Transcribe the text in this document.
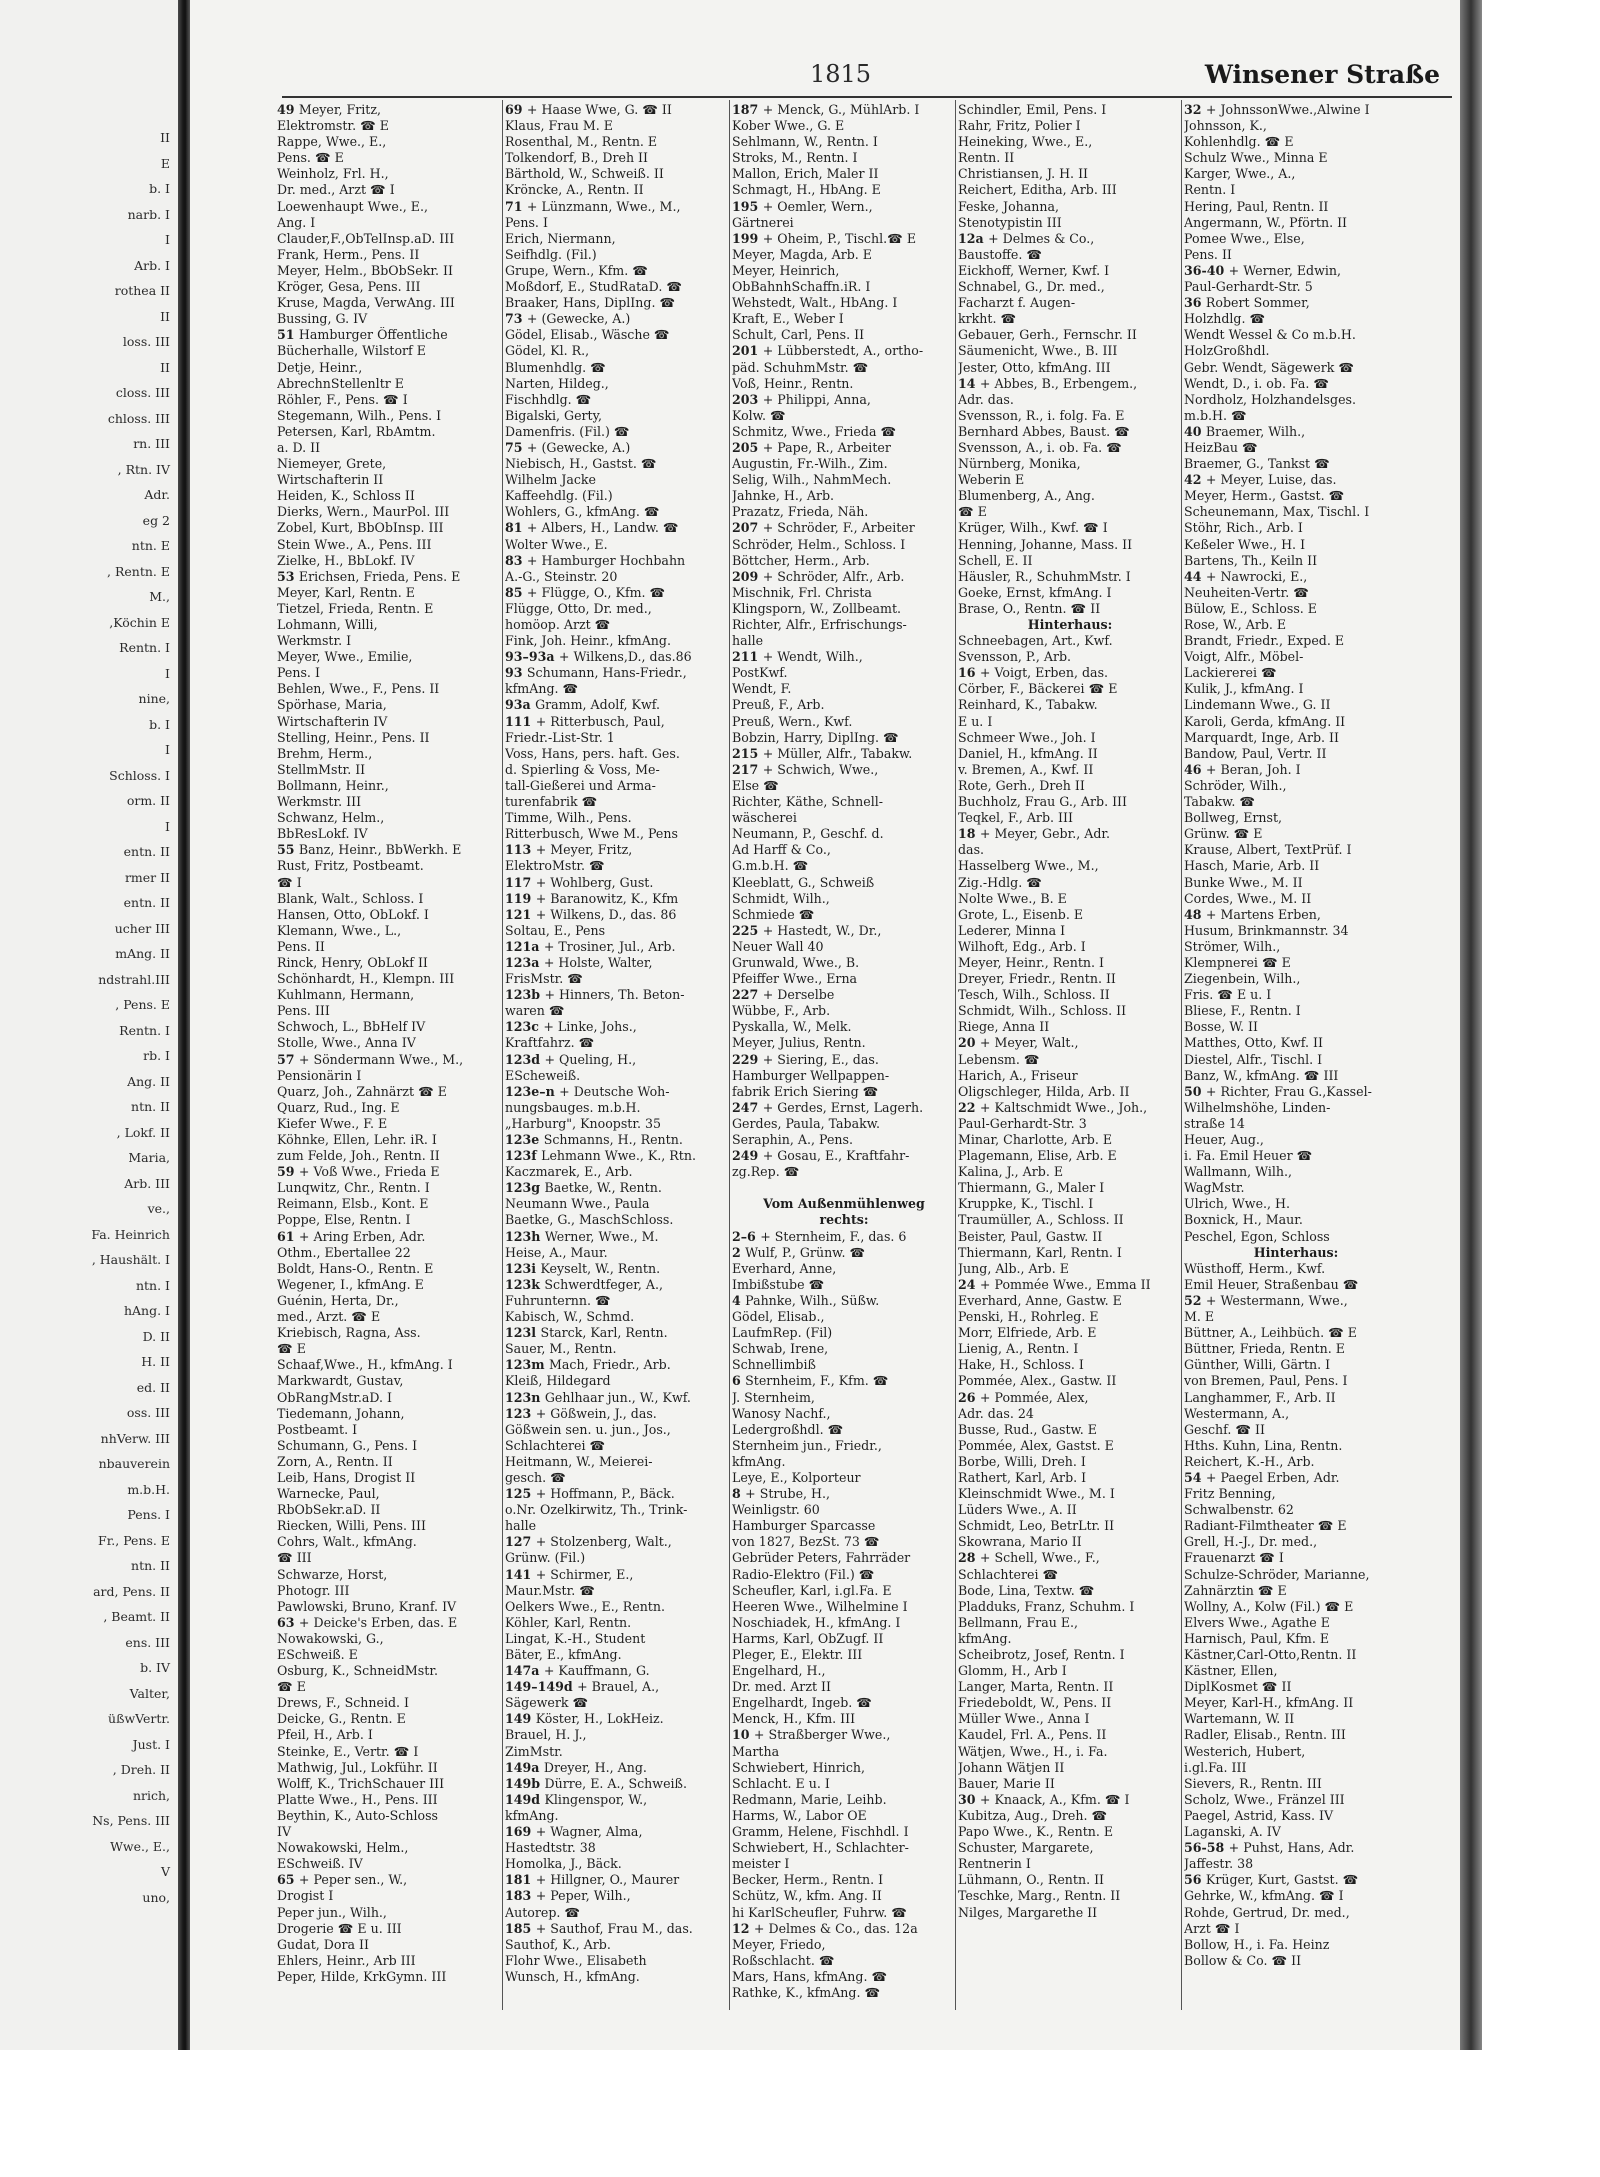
II
E
b. I
narb. I
I
Arb. I
rothea II
II
loss. III
II
closs. III
chloss. III
rn. III
, Rtn. IV
Adr.
eg 2
ntn. E
, Rentn. E
M.,
,Köchin E
Rentn. I
I
nine,
b. I
I
Schloss. I
orm. II
I
entn. II
rmer II
entn. II
ucher III
mAng. II
ndstrahl.III
, Pens. E
Rentn. I
rb. I
Ang. II
ntn. II
, Lokf. II
Maria,
Arb. III
ve.,
Fa. Heinrich
, Haushält. I
ntn. I
hAng. I
D. II
H. II
ed. II
oss. III
nhVerw. III
nbauverein
m.b.H.
Pens. I
Fr., Pens. E
ntn. II
ard, Pens. II
, Beamt. II
ens. III
b. IV
Valter,
üßwVertr.
Just. I
, Dreh. II
nrich,
Ns, Pens. III
Wwe., E.,
V
uno,
1815	Winsener Straße
49 Meyer, Fritz,
Elektromstr. ☎ E
Rappe, Wwe., E.,
Pens. ☎ E
Weinholz, Frl. H.,
Dr. med., Arzt ☎ I
Loewenhaupt Wwe., E.,
Ang. I
Clauder,F.,ObTelInsp.aD. III
Frank, Herm., Pens. II
Meyer, Helm., BbObSekr. II
Kröger, Gesa, Pens. III
Kruse, Magda, VerwAng. III
Bussing, G. IV
51 Hamburger Öffentliche
Bücherhalle, Wilstorf E
Detje, Heinr.,
AbrechnStellenltr E
Röhler, F., Pens. ☎ I
Stegemann, Wilh., Pens. I
Petersen, Karl, RbAmtm.
a. D. II
Niemeyer, Grete,
Wirtschafterin II
Heiden, K., Schloss II
Dierks, Wern., MaurPol. III
Zobel, Kurt, BbObInsp. III
Stein Wwe., A., Pens. III
Zielke, H., BbLokf. IV
53 Erichsen, Frieda, Pens. E
Meyer, Karl, Rentn. E
Tietzel, Frieda, Rentn. E
Lohmann, Willi,
Werkmstr. I
Meyer, Wwe., Emilie,
Pens. I
Behlen, Wwe., F., Pens. II
Spörhase, Maria,
Wirtschafterin IV
Stelling, Heinr., Pens. II
Brehm, Herm.,
StellmMstr. II
Bollmann, Heinr.,
Werkmstr. III
Schwanz, Helm.,
BbResLokf. IV
55 Banz, Heinr., BbWerkh. E
Rust, Fritz, Postbeamt.
☎ I
Blank, Walt., Schloss. I
Hansen, Otto, ObLokf. I
Klemann, Wwe., L.,
Pens. II
Rinck, Henry, ObLokf II
Schönhardt, H., Klempn. III
Kuhlmann, Hermann,
Pens. III
Schwoch, L., BbHelf IV
Stolle, Wwe., Anna IV
57 + Söndermann Wwe., M.,
Pensionärin I
Quarz, Joh., Zahnärzt ☎ E
Quarz, Rud., Ing. E
Kiefer Wwe., F. E
Köhnke, Ellen, Lehr. iR. I
zum Felde, Joh., Rentn. II
59 + Voß Wwe., Frieda E
Lunqwitz, Chr., Rentn. I
Reimann, Elsb., Kont. E
Poppe, Else, Rentn. I
61 + Aring Erben, Adr.
Othm., Ebertallee 22
Boldt, Hans-O., Rentn. E
Wegener, I., kfmAng. E
Guénin, Herta, Dr.,
med., Arzt. ☎ E
Kriebisch, Ragna, Ass.
☎ E
Schaaf,Wwe., H., kfmAng. I
Markwardt, Gustav,
ObRangMstr.aD. I
Tiedemann, Johann,
Postbeamt. I
Schumann, G., Pens. I
Zorn, A., Rentn. II
Leib, Hans, Drogist II
Warnecke, Paul,
RbObSekr.aD. II
Riecken, Willi, Pens. III
Cohrs, Walt., kfmAng.
☎ III
Schwarze, Horst,
Photogr. III
Pawlowski, Bruno, Kranf. IV
63 + Deicke's Erben, das. E
Nowakowski, G.,
ESchweiß. E
Osburg, K., SchneidMstr.
☎ E
Drews, F., Schneid. I
Deicke, G., Rentn. E
Pfeil, H., Arb. I
Steinke, E., Vertr. ☎ I
Mathwig, Jul., Lokführ. II
Wolff, K., TrichSchauer III
Platte Wwe., H., Pens. III
Beythin, K., Auto-Schloss
IV
Nowakowski, Helm.,
ESchweiß. IV
65 + Peper sen., W.,
Drogist I
Peper jun., Wilh.,
Drogerie ☎ E u. III
Gudat, Dora II
Ehlers, Heinr., Arb III
Peper, Hilde, KrkGymn. III
69 + Haase Wwe, G. ☎ II
Klaus, Frau M. E
Rosenthal, M., Rentn. E
Tolkendorf, B., Dreh II
Bärthold, W., Schweiß. II
Kröncke, A., Rentn. II
71 + Lünzmann, Wwe., M.,
Pens. I
Erich, Niermann,
Seifhdlg. (Fil.)
Grupe, Wern., Kfm. ☎
Moßdorf, E., StudRataD. ☎
Braaker, Hans, DiplIng. ☎
73 + (Gewecke, A.)
Gödel, Elisab., Wäsche ☎
Gödel, Kl. R.,
Blumenhdlg. ☎
Narten, Hildeg.,
Fischhdlg. ☎
Bigalski, Gerty,
Damenfris. (Fil.) ☎
75 + (Gewecke, A.)
Niebisch, H., Gastst. ☎
Wilhelm Jacke
Kaffeehdlg. (Fil.)
Wohlers, G., kfmAng. ☎
81 + Albers, H., Landw. ☎
Wolter Wwe., E.
83 + Hamburger Hochbahn
A.-G., Steinstr. 20
85 + Flügge, O., Kfm. ☎
Flügge, Otto, Dr. med.,
homöop. Arzt ☎
Fink, Joh. Heinr., kfmAng.
93–93a + Wilkens,D., das.86
93 Schumann, Hans-Friedr.,
kfmAng. ☎
93a Gramm, Adolf, Kwf.
111 + Ritterbusch, Paul,
Friedr.-List-Str. 1
Voss, Hans, pers. haft. Ges.
d. Spierling & Voss, Me-
tall-Gießerei und Arma-
turenfabrik ☎
Timme, Wilh., Pens.
Ritterbusch, Wwe M., Pens
113 + Meyer, Fritz,
ElektroMstr. ☎
117 + Wohlberg, Gust.
119 + Baranowitz, K., Kfm
121 + Wilkens, D., das. 86
Soltau, E., Pens
121a + Trosiner, Jul., Arb.
123a + Holste, Walter,
FrisMstr. ☎
123b + Hinners, Th. Beton-
waren ☎
123c + Linke, Johs.,
Kraftfahrz. ☎
123d + Queling, H.,
EScheweiß.
123e–n + Deutsche Woh-
nungsbauges. m.b.H.
„Harburg", Knoopstr. 35
123e Schmanns, H., Rentn.
123f Lehmann Wwe., K., Rtn.
Kaczmarek, E., Arb.
123g Baetke, W., Rentn.
Neumann Wwe., Paula
Baetke, G., MaschSchloss.
123h Werner, Wwe., M.
Heise, A., Maur.
123i Keyselt, W., Rentn.
123k Schwerdtfeger, A.,
Fuhrunternn. ☎
Kabisch, W., Schmd.
123l Starck, Karl, Rentn.
Sauer, M., Rentn.
123m Mach, Friedr., Arb.
Kleiß, Hildegard
123n Gehlhaar jun., W., Kwf.
123 + Gößwein, J., das.
Gößwein sen. u. jun., Jos.,
Schlachterei ☎
Heitmann, W., Meierei-
gesch. ☎
125 + Hoffmann, P., Bäck.
o.Nr. Ozelkirwitz, Th., Trink-
halle
127 + Stolzenberg, Walt.,
Grünw. (Fil.)
141 + Schirmer, E.,
Maur.Mstr. ☎
Oelkers Wwe., E., Rentn.
Köhler, Karl, Rentn.
Lingat, K.-H., Student
Bäter, E., kfmAng.
147a + Kauffmann, G.
149–149d + Brauel, A.,
Sägewerk ☎
149 Köster, H., LokHeiz.
Brauel, H. J.,
ZimMstr.
149a Dreyer, H., Ang.
149b Dürre, E. A., Schweiß.
149d Klingenspor, W.,
kfmAng.
169 + Wagner, Alma,
Hastedtstr. 38
Homolka, J., Bäck.
181 + Hillgner, O., Maurer
183 + Peper, Wilh.,
Autorep. ☎
185 + Sauthof, Frau M., das.
Sauthof, K., Arb.
Flohr Wwe., Elisabeth
Wunsch, H., kfmAng.
187 + Menck, G., MühlArb. I
Kober Wwe., G. E
Sehlmann, W., Rentn. I
Stroks, M., Rentn. I
Mallon, Erich, Maler II
Schmagt, H., HbAng. E
195 + Oemler, Wern.,
Gärtnerei
199 + Oheim, P., Tischl.☎ E
Meyer, Magda, Arb. E
Meyer, Heinrich,
ObBahnhSchaffn.iR. I
Wehstedt, Walt., HbAng. I
Kraft, E., Weber I
Schult, Carl, Pens. II
201 + Lübberstedt, A., ortho-
päd. SchuhmMstr. ☎
Voß, Heinr., Rentn.
203 + Philippi, Anna,
Kolw. ☎
Schmitz, Wwe., Frieda ☎
205 + Pape, R., Arbeiter
Augustin, Fr.-Wilh., Zim.
Selig, Wilh., NahmMech.
Jahnke, H., Arb.
Prazatz, Frieda, Näh.
207 + Schröder, F., Arbeiter
Schröder, Helm., Schloss. I
Böttcher, Herm., Arb.
209 + Schröder, Alfr., Arb.
Mischnik, Frl. Christa
Klingsporn, W., Zollbeamt.
Richter, Alfr., Erfrischungs-
halle
211 + Wendt, Wilh.,
PostKwf.
Wendt, F.
Preuß, F., Arb.
Preuß, Wern., Kwf.
Bobzin, Harry, DiplIng. ☎
215 + Müller, Alfr., Tabakw.
217 + Schwich, Wwe.,
Else ☎
Richter, Käthe, Schnell-
wäscherei
Neumann, P., Geschf. d.
Ad Harff & Co.,
G.m.b.H. ☎
Kleeblatt, G., Schweiß
Schmidt, Wilh.,
Schmiede ☎
225 + Hastedt, W., Dr.,
Neuer Wall 40
Grunwald, Wwe., B.
Pfeiffer Wwe., Erna
227 + Derselbe
Wübbe, F., Arb.
Pyskalla, W., Melk.
Meyer, Julius, Rentn.
229 + Siering, E., das.
Hamburger Wellpappen-
fabrik Erich Siering ☎
247 + Gerdes, Ernst, Lagerh.
Gerdes, Paula, Tabakw.
Seraphin, A., Pens.
249 + Gosau, E., Kraftfahr-
zg.Rep. ☎
Vom Außenmühlenweg
rechts:
2–6 + Sternheim, F., das. 6
2 Wulf, P., Grünw. ☎
Everhard, Anne,
Imbißstube ☎
4 Pahnke, Wilh., Süßw.
Gödel, Elisab.,
LaufmRep. (Fil)
Schwab, Irene,
Schnellimbiß
6 Sternheim, F., Kfm. ☎
J. Sternheim,
Wanosy Nachf.,
Ledergroßhdl. ☎
Sternheim jun., Friedr.,
kfmAng.
Leye, E., Kolporteur
8 + Strube, H.,
Weinligstr. 60
Hamburger Sparcasse
von 1827, BezSt. 73 ☎
Gebrüder Peters, Fahrräder
Radio-Elektro (Fil.) ☎
Scheufler, Karl, i.gl.Fa. E
Heeren Wwe., Wilhelmine I
Noschiadek, H., kfmAng. I
Harms, Karl, ObZugf. II
Pleger, E., Elektr. III
Engelhard, H.,
Dr. med. Arzt II
Engelhardt, Ingeb. ☎
Menck, H., Kfm. III
10 + Straßberger Wwe.,
Martha
Schwiebert, Hinrich,
Schlacht. E u. I
Redmann, Marie, Leihb.
Harms, W., Labor OE
Gramm, Helene, Fischhdl. I
Schwiebert, H., Schlachter-
meister I
Becker, Herm., Rentn. I
Schütz, W., kfm. Ang. II
hi KarlScheufler, Fuhrw. ☎
12 + Delmes & Co., das. 12a
Meyer, Friedo,
Roßschlacht. ☎
Mars, Hans, kfmAng. ☎
Rathke, K., kfmAng. ☎
Schindler, Emil, Pens. I
Rahr, Fritz, Polier I
Heineking, Wwe., E.,
Rentn. II
Christiansen, J. H. II
Reichert, Editha, Arb. III
Feske, Johanna,
Stenotypistin III
12a + Delmes & Co.,
Baustoffe. ☎
Eickhoff, Werner, Kwf. I
Schnabel, G., Dr. med.,
Facharzt f. Augen-
krkht. ☎
Gebauer, Gerh., Fernschr. II
Säumenicht, Wwe., B. III
Jester, Otto, kfmAng. III
14 + Abbes, B., Erbengem.,
Adr. das.
Svensson, R., i. folg. Fa. E
Bernhard Abbes, Baust. ☎
Svensson, A., i. ob. Fa. ☎
Nürnberg, Monika,
Weberin E
Blumenberg, A., Ang.
☎ E
Krüger, Wilh., Kwf. ☎ I
Henning, Johanne, Mass. II
Schell, E. II
Häusler, R., SchuhmMstr. I
Goeke, Ernst, kfmAng. I
Brase, O., Rentn. ☎ II
Hinterhaus:
Schneebagen, Art., Kwf.
Svensson, P., Arb.
16 + Voigt, Erben, das.
Cörber, F., Bäckerei ☎ E
Reinhard, K., Tabakw.
E u. I
Schmeer Wwe., Joh. I
Daniel, H., kfmAng. II
v. Bremen, A., Kwf. II
Rote, Gerh., Dreh II
Buchholz, Frau G., Arb. III
Teqkel, F., Arb. III
18 + Meyer, Gebr., Adr.
das.
Hasselberg Wwe., M.,
Zig.-Hdlg. ☎
Nolte Wwe., B. E
Grote, L., Eisenb. E
Lederer, Minna I
Wilhoft, Edg., Arb. I
Meyer, Heinr., Rentn. I
Dreyer, Friedr., Rentn. II
Tesch, Wilh., Schloss. II
Schmidt, Wilh., Schloss. II
Riege, Anna II
20 + Meyer, Walt.,
Lebensm. ☎
Harich, A., Friseur
Oligschleger, Hilda, Arb. II
22 + Kaltschmidt Wwe., Joh.,
Paul-Gerhardt-Str. 3
Minar, Charlotte, Arb. E
Plagemann, Elise, Arb. E
Kalina, J., Arb. E
Thiermann, G., Maler I
Kruppke, K., Tischl. I
Traumüller, A., Schloss. II
Beister, Paul, Gastw. II
Thiermann, Karl, Rentn. I
Jung, Alb., Arb. E
24 + Pommée Wwe., Emma II
Everhard, Anne, Gastw. E
Penski, H., Rohrleg. E
Morr, Elfriede, Arb. E
Lienig, A., Rentn. I
Hake, H., Schloss. I
Pommée, Alex., Gastw. II
26 + Pommée, Alex,
Adr. das. 24
Busse, Rud., Gastw. E
Pommée, Alex, Gastst. E
Borbe, Willi, Dreh. I
Rathert, Karl, Arb. I
Kleinschmidt Wwe., M. I
Lüders Wwe., A. II
Schmidt, Leo, BetrLtr. II
Skowrana, Mario II
28 + Schell, Wwe., F.,
Schlachterei ☎
Bode, Lina, Textw. ☎
Pladduks, Franz, Schuhm. I
Bellmann, Frau E.,
kfmAng.
Scheibrotz, Josef, Rentn. I
Glomm, H., Arb I
Langer, Marta, Rentn. II
Friedeboldt, W., Pens. II
Müller Wwe., Anna I
Kaudel, Frl. A., Pens. II
Wätjen, Wwe., H., i. Fa.
Johann Wätjen II
Bauer, Marie II
30 + Knaack, A., Kfm. ☎ I
Kubitza, Aug., Dreh. ☎
Papo Wwe., K., Rentn. E
Schuster, Margarete,
Rentnerin I
Lühmann, O., Rentn. II
Teschke, Marg., Rentn. II
Nilges, Margarethe II
32 + JohnssonWwe.,Alwine I
Johnsson, K.,
Kohlenhdlg. ☎ E
Schulz Wwe., Minna E
Karger, Wwe., A.,
Rentn. I
Hering, Paul, Rentn. II
Angermann, W., Pförtn. II
Pomee Wwe., Else,
Pens. II
36-40 + Werner, Edwin,
Paul-Gerhardt-Str. 5
36 Robert Sommer,
Holzhdlg. ☎
Wendt Wessel & Co m.b.H.
HolzGroßhdl.
Gebr. Wendt, Sägewerk ☎
Wendt, D., i. ob. Fa. ☎
Nordholz, Holzhandelsges.
m.b.H. ☎
40 Braemer, Wilh.,
HeizBau ☎
Braemer, G., Tankst ☎
42 + Meyer, Luise, das.
Meyer, Herm., Gastst. ☎
Scheunemann, Max, Tischl. I
Stöhr, Rich., Arb. I
Keßeler Wwe., H. I
Bartens, Th., Keiln II
44 + Nawrocki, E.,
Neuheiten-Vertr. ☎
Bülow, E., Schloss. E
Rose, W., Arb. E
Brandt, Friedr., Exped. E
Voigt, Alfr., Möbel-
Lackiererei ☎
Kulik, J., kfmAng. I
Lindemann Wwe., G. II
Karoli, Gerda, kfmAng. II
Marquardt, Inge, Arb. II
Bandow, Paul, Vertr. II
46 + Beran, Joh. I
Schröder, Wilh.,
Tabakw. ☎
Bollweg, Ernst,
Grünw. ☎ E
Krause, Albert, TextPrüf. I
Hasch, Marie, Arb. II
Bunke Wwe., M. II
Cordes, Wwe., M. II
48 + Martens Erben,
Husum, Brinkmannstr. 34
Strömer, Wilh.,
Klempnerei ☎ E
Ziegenbein, Wilh.,
Fris. ☎ E u. I
Bliese, F., Rentn. I
Bosse, W. II
Matthes, Otto, Kwf. II
Diestel, Alfr., Tischl. I
Banz, W., kfmAng. ☎ III
50 + Richter, Frau G.,Kassel-
Wilhelmshöhe, Linden-
straße 14
Heuer, Aug.,
i. Fa. Emil Heuer ☎
Wallmann, Wilh.,
WagMstr.
Ulrich, Wwe., H.
Boxnick, H., Maur.
Peschel, Egon, Schloss
Hinterhaus:
Wüsthoff, Herm., Kwf.
Emil Heuer, Straßenbau ☎
52 + Westermann, Wwe.,
M. E
Büttner, A., Leihbüch. ☎ E
Büttner, Frieda, Rentn. E
Günther, Willi, Gärtn. I
von Bremen, Paul, Pens. I
Langhammer, F., Arb. II
Westermann, A.,
Geschf. ☎ II
Hths. Kuhn, Lina, Rentn.
Reichert, K.-H., Arb.
54 + Paegel Erben, Adr.
Fritz Benning,
Schwalbenstr. 62
Radiant-Filmtheater ☎ E
Grell, H.-J., Dr. med.,
Frauenarzt ☎ I
Schulze-Schröder, Marianne,
Zahnärztin ☎ E
Wollny, A., Kolw (Fil.) ☎ E
Elvers Wwe., Agathe E
Harnisch, Paul, Kfm. E
Kästner,Carl-Otto,Rentn. II
Kästner, Ellen,
DiplKosmet ☎ II
Meyer, Karl-H., kfmAng. II
Wartemann, W. II
Radler, Elisab., Rentn. III
Westerich, Hubert,
i.gl.Fa. III
Sievers, R., Rentn. III
Scholz, Wwe., Fränzel III
Paegel, Astrid, Kass. IV
Laganski, A. IV
56-58 + Puhst, Hans, Adr.
Jaffestr. 38
56 Krüger, Kurt, Gastst. ☎
Gehrke, W., kfmAng. ☎ I
Rohde, Gertrud, Dr. med.,
Arzt ☎ I
Bollow, H., i. Fa. Heinz
Bollow & Co. ☎ II
